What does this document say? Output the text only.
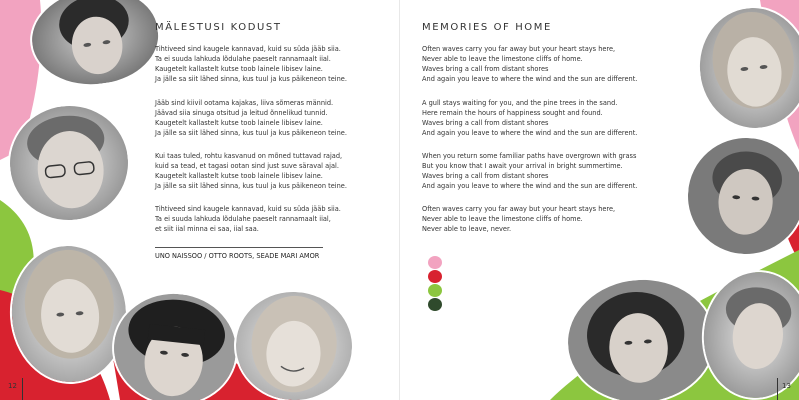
MÄLESTUSI KODUST
Tihtiveed sind kaugele kannavad, kuid su süda jääb siia.
Ta ei suuda lahkuda lõdulahe paeselt rannamaalt iial.
Kaugetelt kallastelt kutse toob lainele libisev laine.
Ja jälle sa siit lähed sinna, kus tuul ja kus päikeneon teine.
Jääb sind kiivil ootama kajakas, liiva sõmeras männid.
Jäävad siia sinuga otsitud ja leitud õnnelikud tunnid.
Kaugetelt kallastelt kutse toob lainele libisev laine.
Ja jälle sa siit lähed sinna, kus tuul ja kus päikeneon teine.
Kui taas tuled, rohtu kasvanud on mõned tuttavad rajad,
kuid sa tead, et tagasi ootan sind just suve säraval ajal.
Kaugetelt kallastelt kutse toob lainele libisev laine.
Ja jälle sa siit lähed sinna, kus tuul ja kus päikeneon teine.
Tihtiveed sind kaugele kannavad, kuid su süda jääb siia.
Ta ei suuda lahkuda lõdulahe paeselt rannamaalt iial,
et siit iial minna ei saa, iial saa.
UNO NAISSOO / OTTO ROOTS, SEADE MARI AMOR
12
MEMORIES OF HOME
Often waves carry you far away but your heart stays here,
Never able to leave the limestone cliffs of home.
Waves bring a call from distant shores
And again you leave to where the wind and the sun are different.
A gull stays waiting for you, and the pine trees in the sand.
Here remain the hours of happiness sought and found.
Waves bring a call from distant shores
And again you leave to where the wind and the sun are different.
When you return some familiar paths have overgrown with grass
But you know that I await your arrival in bright summertime.
Waves bring a call from distant shores
And again you leave to where the wind and the sun are different.
Often waves carry you far away but your heart stays here,
Never able to leave the limestone cliffs of home.
Never able to leave, never.
13
